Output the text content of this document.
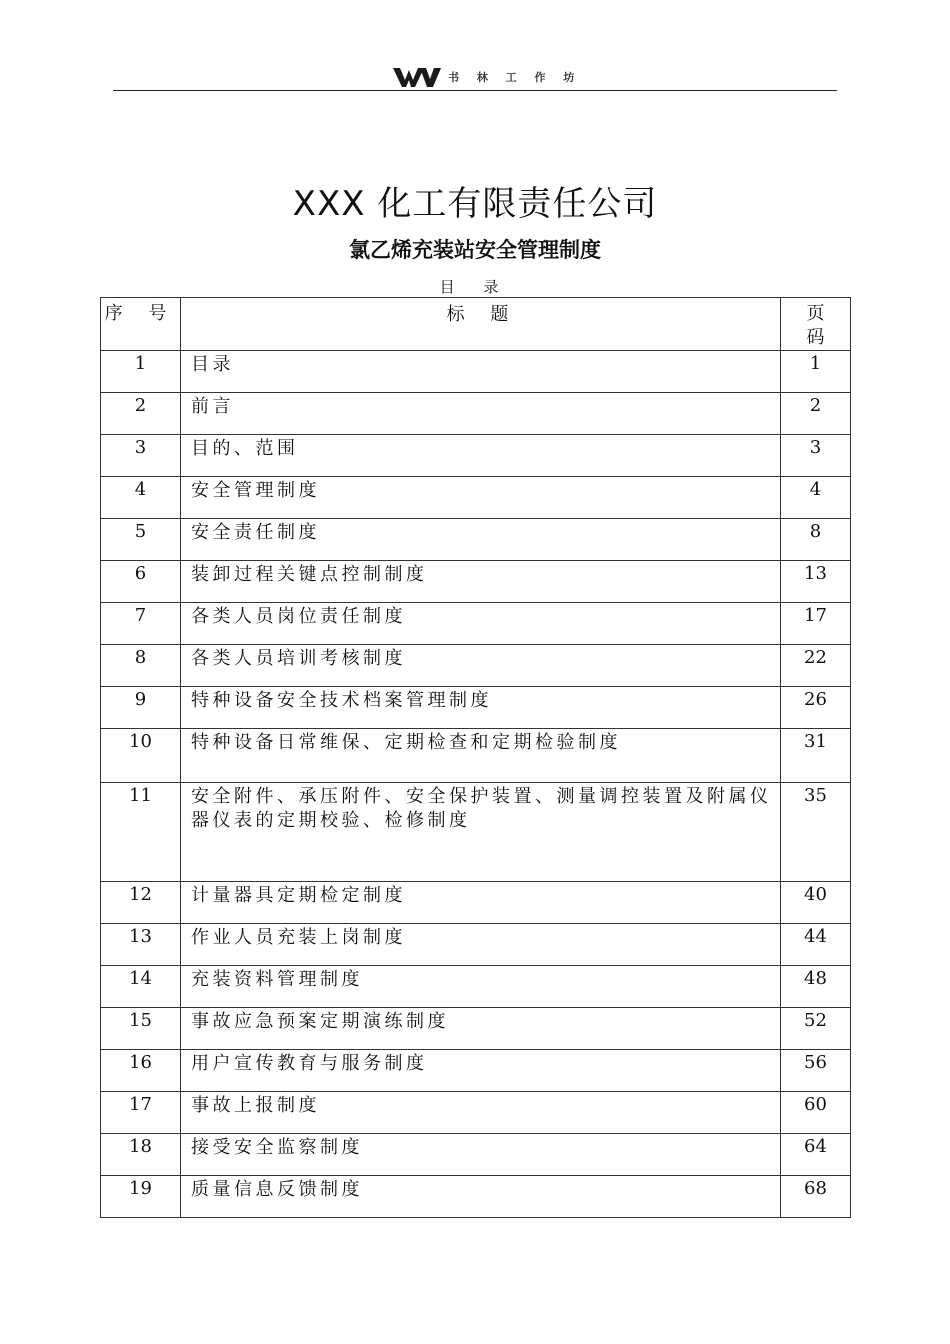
书 林 工 作 坊
XXX 化工有限责任公司
氯乙烯充装站安全管理制度
目 录
序 号	标 题	页码

1	目录	1

2	前言	2

3	目的、范围	3

4	安全管理制度	4

5	安全责任制度	8

6	装卸过程关键点控制制度	13

7	各类人员岗位责任制度	17

8	各类人员培训考核制度	22

9	特种设备安全技术档案管理制度	26

10	特种设备日常维保、定期检查和定期检验制度	31

11	安全附件、承压附件、安全保护装置、测量调控装置及附属仪器仪表的定期校验、检修制度	35

12	计量器具定期检定制度	40

13	作业人员充装上岗制度	44

14	充装资料管理制度	48

15	事故应急预案定期演练制度	52

16	用户宣传教育与服务制度	56

17	事故上报制度	60

18	接受安全监察制度	64

19	质量信息反馈制度	68
